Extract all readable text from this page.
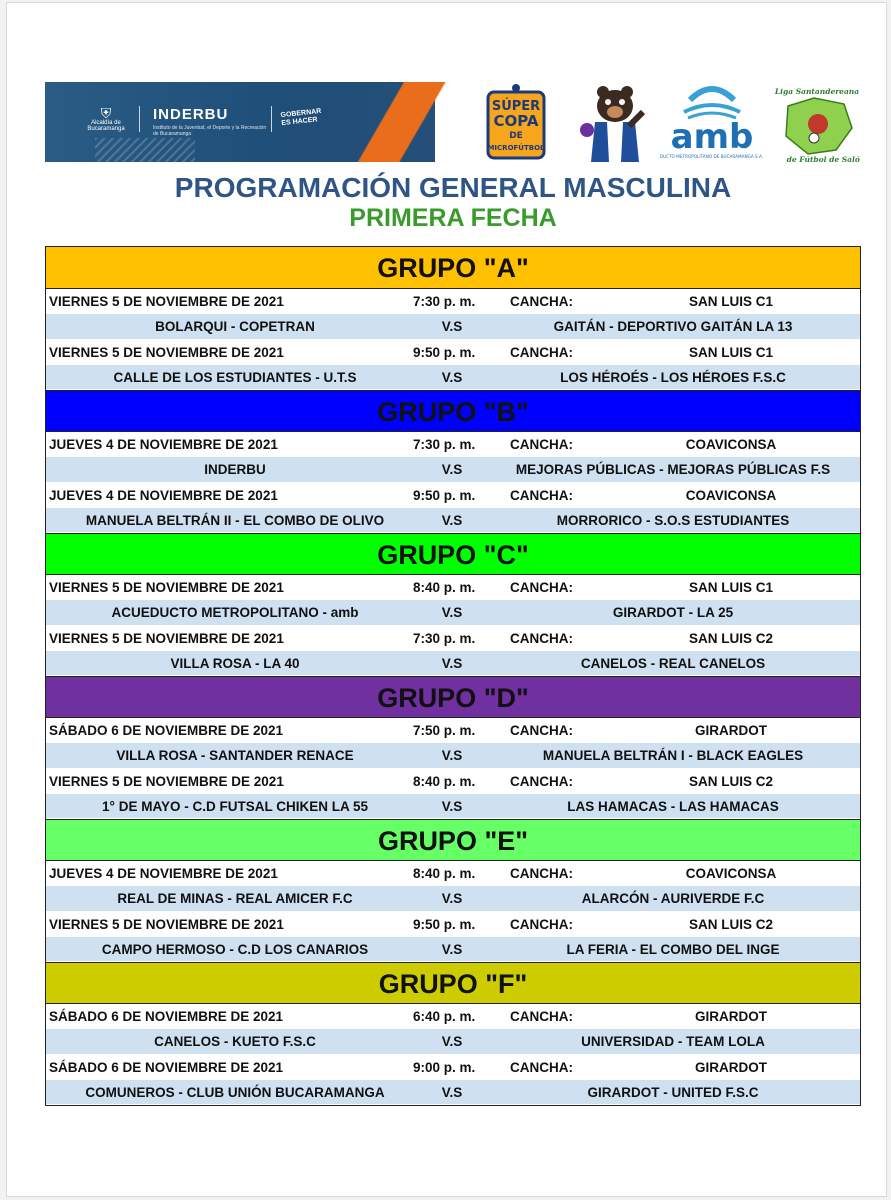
⛨
Alcaldía de Bucaramanga
INDERBU
Instituto de la Juventud, el Deporte y la Recreación de Bucaramanga
GOBERNAR
ES HACER
SÚPER
COPA
DE
MICROFÚTBOL	amb
DUCTO METROPOLITANO DE BUCARAMANGA S.A.
Liga Santandereana
de Fútbol de Salón
PROGRAMACIÓN GENERAL MASCULINA
PRIMERA FECHA
GRUPO "A"
VIERNES 5 DE NOVIEMBRE DE 2021	7:30 p. m.	CANCHA:	SAN LUIS C1
BOLARQUI - COPETRAN	V.S	GAITÁN - DEPORTIVO GAITÁN LA 13
VIERNES 5 DE NOVIEMBRE DE 2021	9:50 p. m.	CANCHA:	SAN LUIS C1
CALLE DE LOS ESTUDIANTES - U.T.S	V.S	LOS HÉROÉS - LOS HÉROES F.S.C
GRUPO "B"
JUEVES 4 DE NOVIEMBRE DE 2021	7:30 p. m.	CANCHA:	COAVICONSA
INDERBU	V.S	MEJORAS PÚBLICAS - MEJORAS PÚBLICAS F.S
JUEVES 4 DE NOVIEMBRE DE 2021	9:50 p. m.	CANCHA:	COAVICONSA
MANUELA BELTRÁN II - EL COMBO DE OLIVO	V.S	MORRORICO - S.O.S ESTUDIANTES
GRUPO "C"
VIERNES 5 DE NOVIEMBRE DE 2021	8:40 p. m.	CANCHA:	SAN LUIS C1
ACUEDUCTO METROPOLITANO - amb	V.S	GIRARDOT - LA 25
VIERNES 5 DE NOVIEMBRE DE 2021	7:30 p. m.	CANCHA:	SAN LUIS C2
VILLA ROSA - LA 40	V.S	CANELOS - REAL CANELOS
GRUPO "D"
SÁBADO 6 DE NOVIEMBRE DE 2021	7:50 p. m.	CANCHA:	GIRARDOT
VILLA ROSA - SANTANDER RENACE	V.S	MANUELA BELTRÁN I - BLACK EAGLES
VIERNES 5 DE NOVIEMBRE DE 2021	8:40 p. m.	CANCHA:	SAN LUIS C2
1° DE MAYO - C.D FUTSAL CHIKEN LA 55	V.S	LAS HAMACAS - LAS HAMACAS
GRUPO "E"
JUEVES 4 DE NOVIEMBRE DE 2021	8:40 p. m.	CANCHA:	COAVICONSA
REAL DE MINAS - REAL AMICER F.C	V.S	ALARCÓN - AURIVERDE F.C
VIERNES 5 DE NOVIEMBRE DE 2021	9:50 p. m.	CANCHA:	SAN LUIS C2
CAMPO HERMOSO - C.D LOS CANARIOS	V.S	LA FERIA - EL COMBO DEL INGE
GRUPO "F"
SÁBADO 6 DE NOVIEMBRE DE 2021	6:40 p. m.	CANCHA:	GIRARDOT
CANELOS - KUETO F.S.C	V.S	UNIVERSIDAD - TEAM LOLA
SÁBADO 6 DE NOVIEMBRE DE 2021	9:00 p. m.	CANCHA:	GIRARDOT
COMUNEROS - CLUB UNIÓN BUCARAMANGA	V.S	GIRARDOT - UNITED F.S.C
